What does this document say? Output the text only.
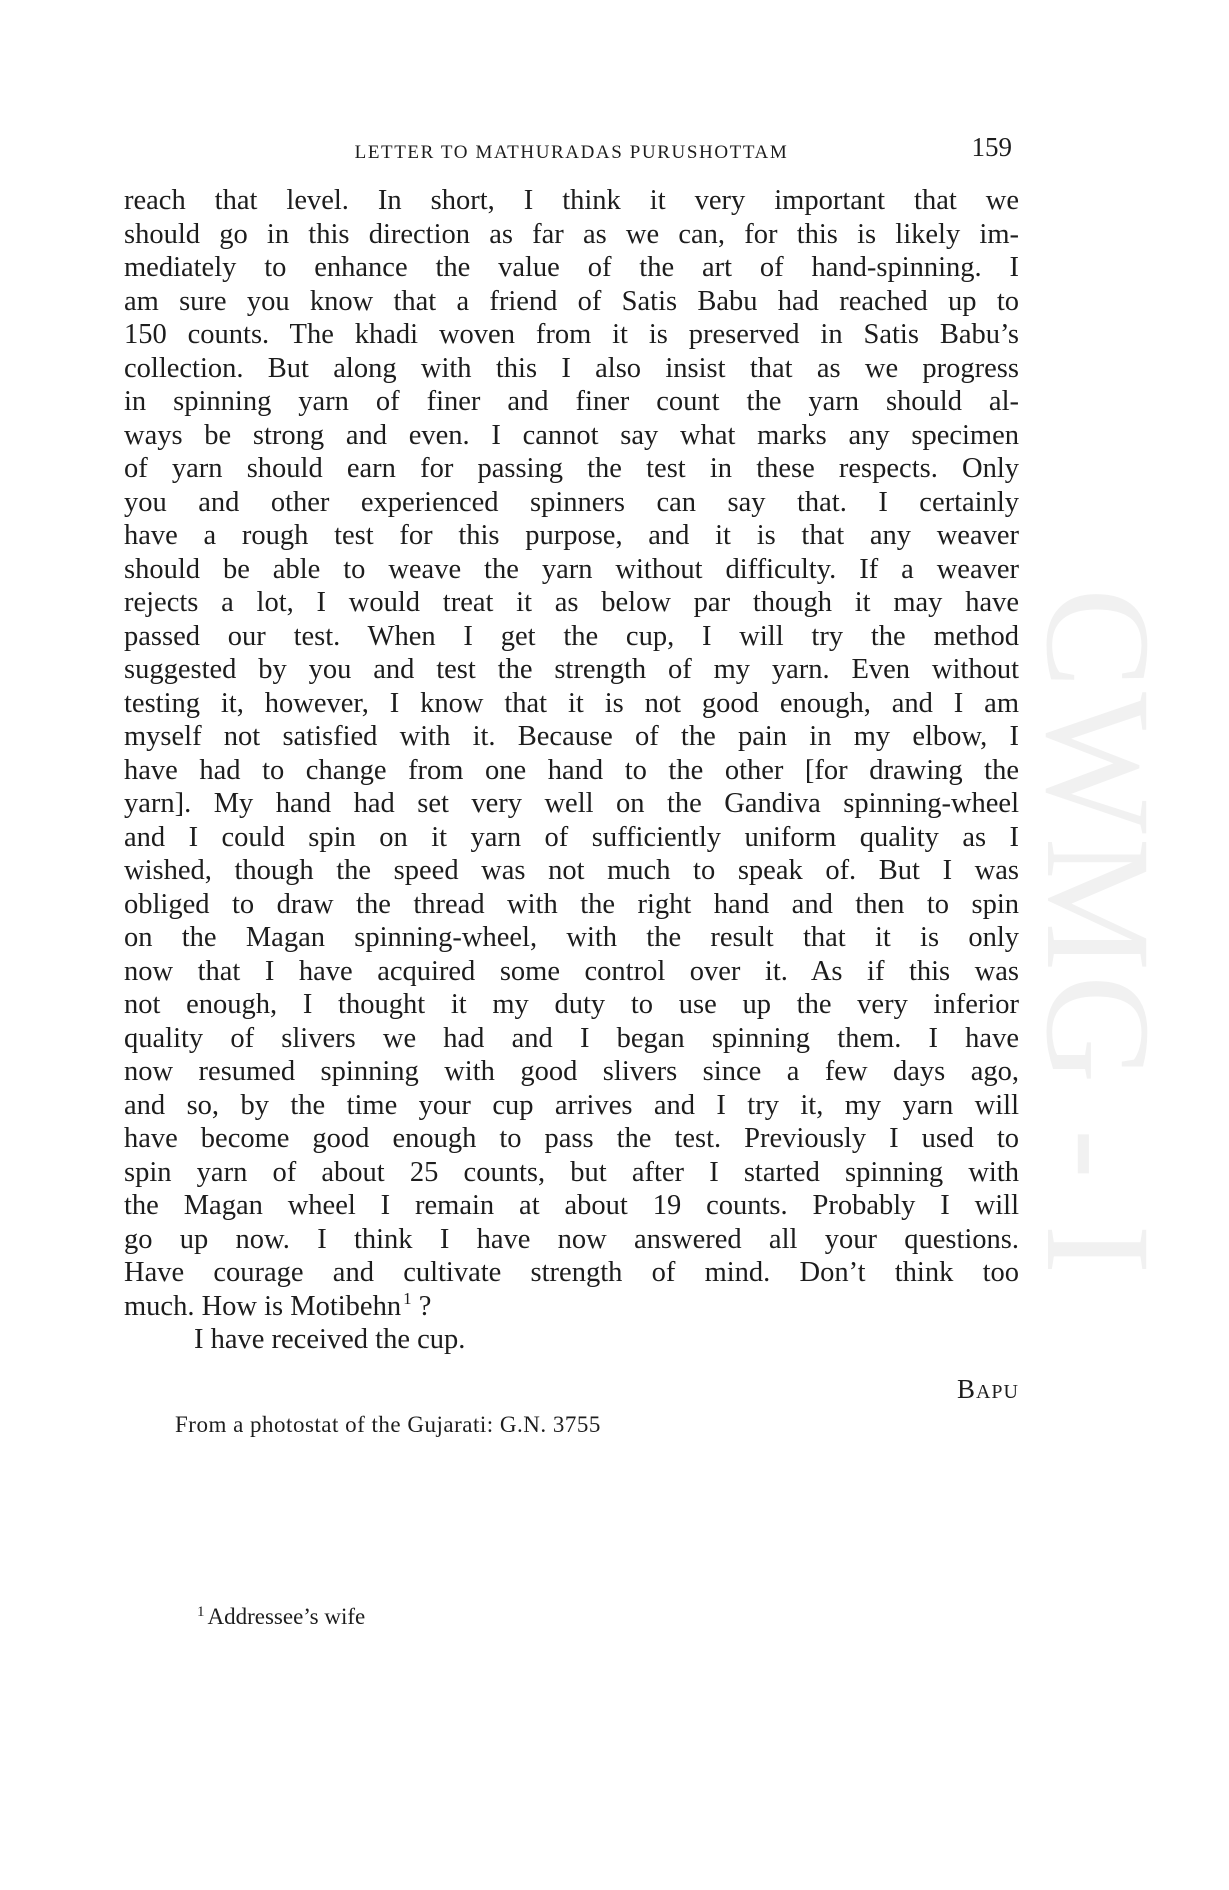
LETTER TO MATHURADAS PURUSHOTTAM	159
reach that level. In short, I think it very important that we
should go in this direction as far as we can, for this is likely im-
mediately to enhance the value of the art of hand-spinning. I
am sure you know that a friend of Satis Babu had reached up to
150 counts. The khadi woven from it is preserved in Satis Babu’s
collection. But along with this I also insist that as we progress
in spinning yarn of finer and finer count the yarn should al-
ways be strong and even. I cannot say what marks any specimen
of yarn should earn for passing the test in these respects. Only
you and other experienced spinners can say that. I certainly
have a rough test for this purpose, and it is that any weaver
should be able to weave the yarn without difficulty. If a weaver
rejects a lot, I would treat it as below par though it may have
passed our test. When I get the cup, I will try the method
suggested by you and test the strength of my yarn. Even without
testing it, however, I know that it is not good enough, and I am
myself not satisfied with it. Because of the pain in my elbow, I
have had to change from one hand to the other [for drawing the
yarn]. My hand had set very well on the Gandiva spinning-wheel
and I could spin on it yarn of sufficiently uniform quality as I
wished, though the speed was not much to speak of. But I was
obliged to draw the thread with the right hand and then to spin
on the Magan spinning-wheel, with the result that it is only
now that I have acquired some control over it. As if this was
not enough, I thought it my duty to use up the very inferior
quality of slivers we had and I began spinning them. I have
now resumed spinning with good slivers since a few days ago,
and so, by the time your cup arrives and I try it, my yarn will
have become good enough to pass the test. Previously I used to
spin yarn of about 25 counts, but after I started spinning with
the Magan wheel I remain at about 19 counts. Probably I will
go up now. I think I have now answered all your questions.
Have courage and cultivate strength of mind. Don’t think too
much. How is Motibehn $^1$ ?
I have received the cup.
BAPU
From a photostat of the Gujarati: G.N. 3755
$^1$ Addressee’s wife
CWMG - I
